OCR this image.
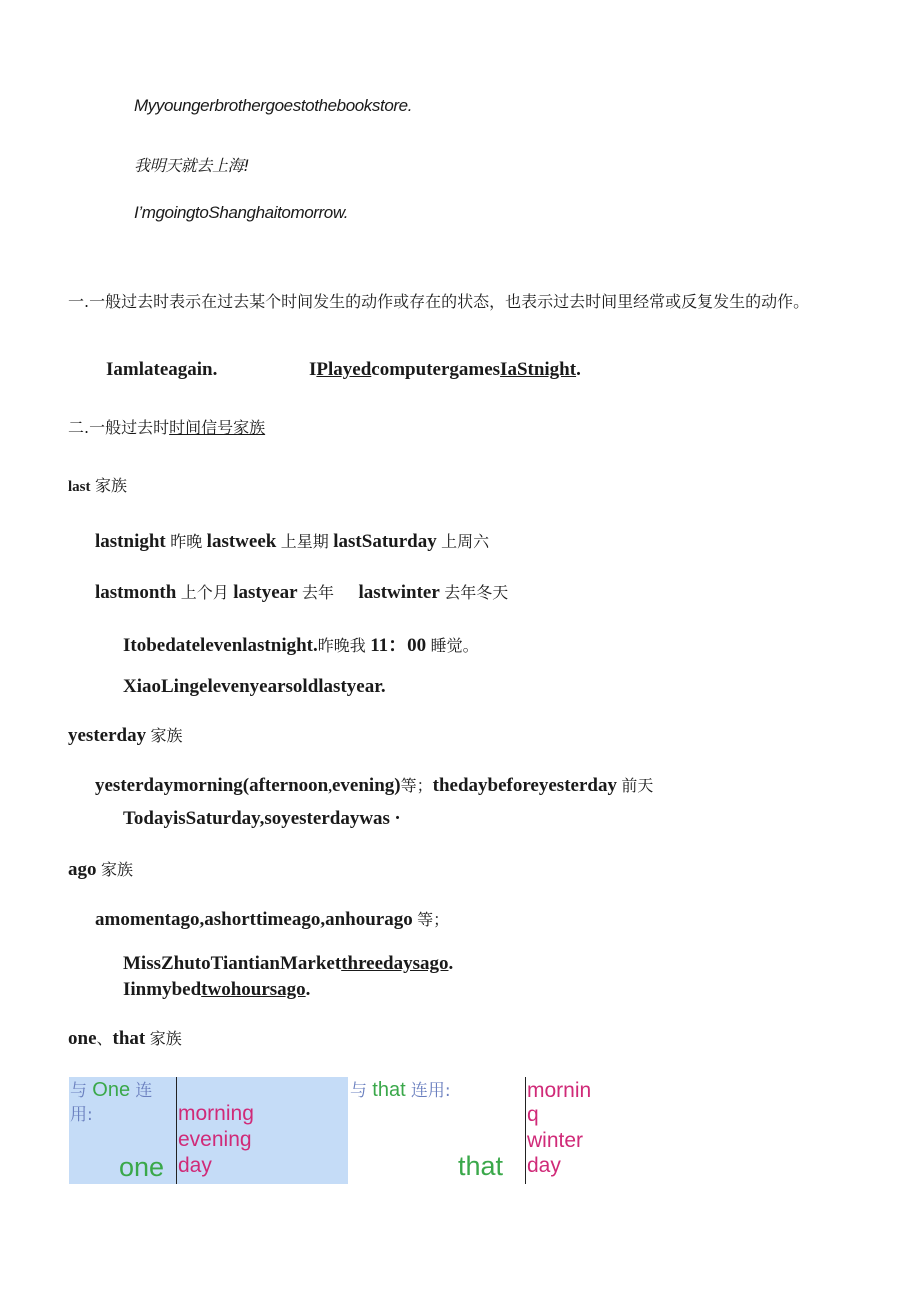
Myyoungerbrothergoestothebookstore.
我明天就去上海!
I’mgoingtoShanghaitomorrow.
一.一般过去时表示在过去某个时间发生的动作或存在的状态，也表示过去时间里经常或反复发生的动作。
Iamlateagain.	IPlayedcomputergamesIaStnight.
二.一般过去时时间信号家族
last 家族
lastnight 昨晚 lastweek 上星期 lastSaturday 上周六
lastmonth 上个月 lastyear 去年 lastwinter 去年冬天
Itobedatelevenlastnight.昨晚我 11：00 睡觉。
XiaoLingelevenyearsoldlastyear.
yesterday 家族
yesterdaymorning(afternoon,evening)等；thedaybeforeyesterday 前天
TodayisSaturday,soyesterdaywas ·
ago 家族
amomentago,ashorttimeago,anhourago 等；
MissZhutoTiantianMarketthreedaysago.
Iinmybedtwohoursago.
one、that 家族
与 One 连用:
one
morning
evening
day
与 that 连用:
that
mornin
q
winter
day
